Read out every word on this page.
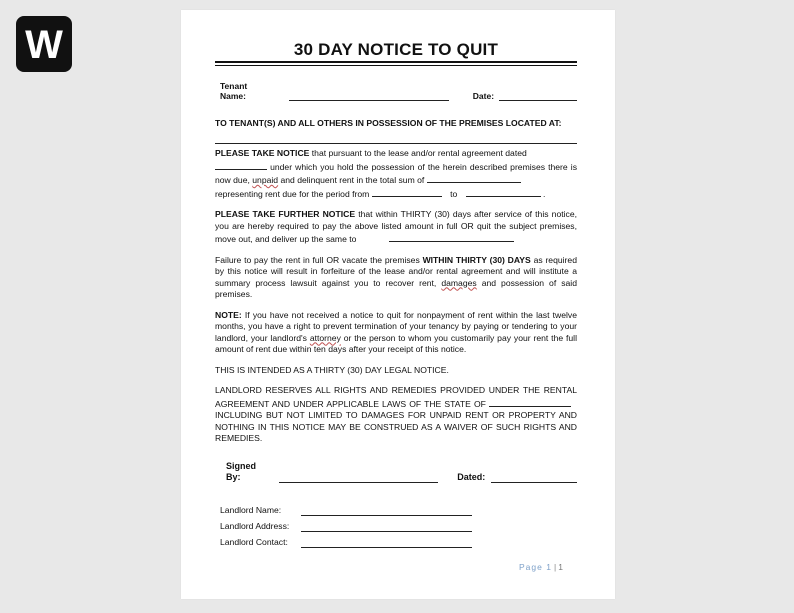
W	30 DAY NOTICE TO QUIT
Tenant Name:	Date:
TO TENANT(S) AND ALL OTHERS IN POSSESSION OF THE PREMISES LOCATED AT:
PLEASE TAKE NOTICE that pursuant to the lease and/or rental agreement dated
under which you hold the possession of the herein described premises there is now due, unpaid and delinquent rent in the total sum of
representing rent due for the period from	to	.
PLEASE TAKE FURTHER NOTICE that within THIRTY (30) days after service of this notice, you are hereby required to pay the above listed amount in full OR quit the subject premises, move out, and deliver up the same to
Failure to pay the rent in full OR vacate the premises WITHIN THIRTY (30) DAYS as required by this notice will result in forfeiture of the lease and/or rental agreement and will institute a summary process lawsuit against you to recover rent, damages and possession of said premises.
NOTE: If you have not received a notice to quit for nonpayment of rent within the last twelve months, you have a right to prevent termination of your tenancy by paying or tendering to your landlord, your landlord's attorney or the person to whom you customarily pay your rent the full amount of rent due within ten days after your receipt of this notice.
THIS IS INTENDED AS A THIRTY (30) DAY LEGAL NOTICE.
LANDLORD RESERVES ALL RIGHTS AND REMEDIES PROVIDED UNDER THE RENTAL AGREEMENT AND UNDER APPLICABLE LAWS OF THE STATE OF  INCLUDING BUT NOT LIMITED TO DAMAGES FOR UNPAID RENT OR PROPERTY AND NOTHING IN THIS NOTICE MAY BE CONSTRUED AS A WAIVER OF SUCH RIGHTS AND REMEDIES.
Signed By:	Dated:
Landlord Name:
Landlord Address:
Landlord Contact:
Page 1 | 1
